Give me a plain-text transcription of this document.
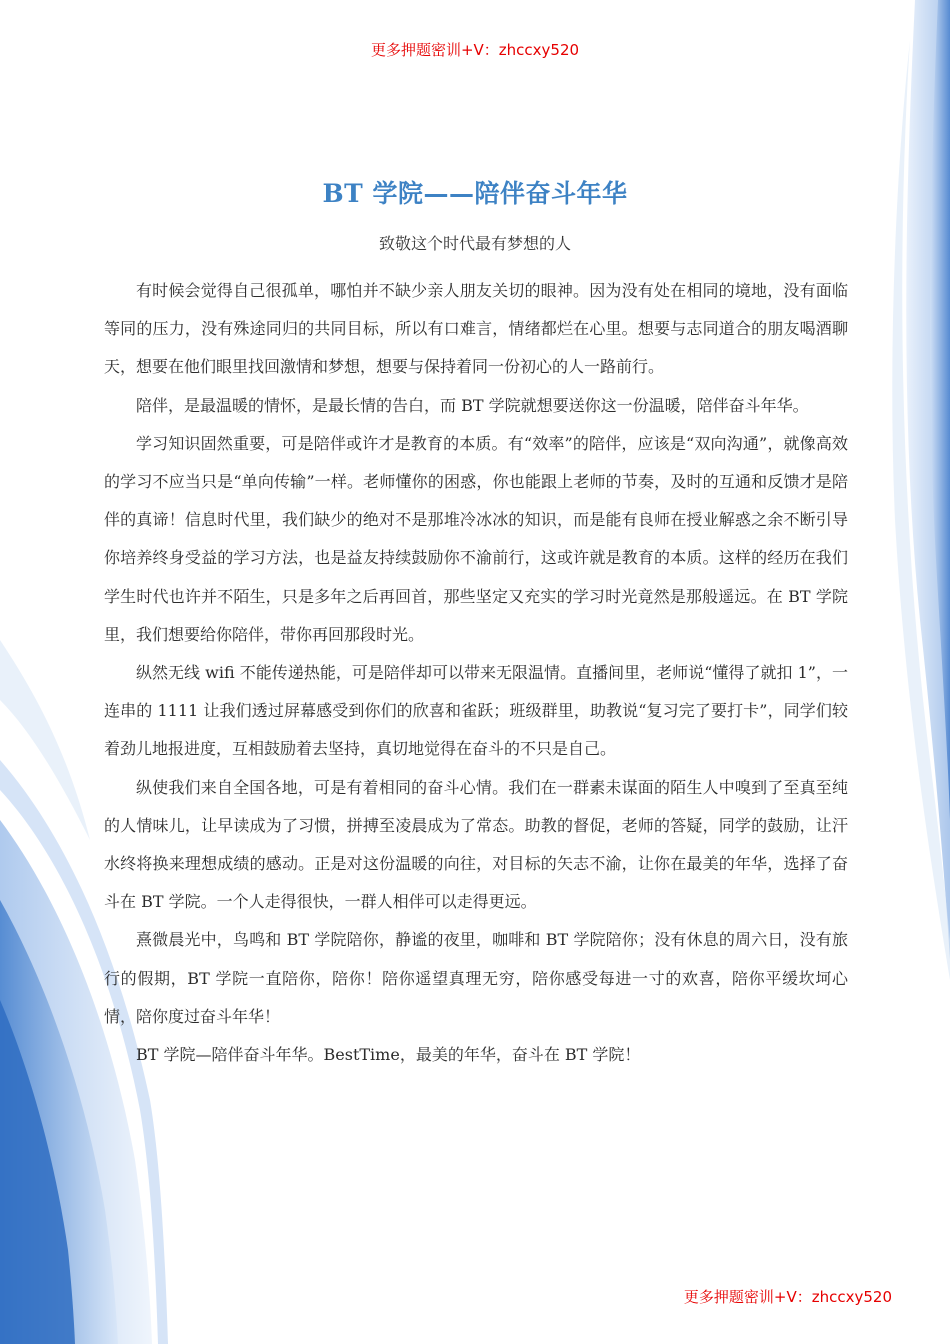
更多押题密训+V：zhccxy520
BT 学院——陪伴奋斗年华
致敬这个时代最有梦想的人

有时候会觉得自己很孤单，哪怕并不缺少亲人朋友关切的眼神。因为没有处在相同的境地，没有面临等同的压力，没有殊途同归的共同目标，所以有口难言，情绪都烂在心里。想要与志同道合的朋友喝酒聊天，想要在他们眼里找回激情和梦想，想要与保持着同一份初心的人一路前行。

陪伴，是最温暖的情怀，是最长情的告白，而 BT 学院就想要送你这一份温暖，陪伴奋斗年华。

学习知识固然重要，可是陪伴或许才是教育的本质。有“效率”的陪伴，应该是“双向沟通”，就像高效的学习不应当只是“单向传输”一样。老师懂你的困惑，你也能跟上老师的节奏，及时的互通和反馈才是陪伴的真谛！信息时代里，我们缺少的绝对不是那堆冷冰冰的知识，而是能有良师在授业解惑之余不断引导你培养终身受益的学习方法，也是益友持续鼓励你不渝前行，这或许就是教育的本质。这样的经历在我们学生时代也许并不陌生，只是多年之后再回首，那些坚定又充实的学习时光竟然是那般遥远。在 BT 学院里，我们想要给你陪伴，带你再回那段时光。

纵然无线 wifi 不能传递热能，可是陪伴却可以带来无限温情。直播间里，老师说“懂得了就扣 1”，一连串的 1111 让我们透过屏幕感受到你们的欣喜和雀跃；班级群里，助教说“复习完了要打卡”，同学们较着劲儿地报进度，互相鼓励着去坚持，真切地觉得在奋斗的不只是自己。

纵使我们来自全国各地，可是有着相同的奋斗心情。我们在一群素未谋面的陌生人中嗅到了至真至纯的人情味儿，让早读成为了习惯，拼搏至凌晨成为了常态。助教的督促，老师的答疑，同学的鼓励，让汗水终将换来理想成绩的感动。正是对这份温暖的向往，对目标的矢志不渝，让你在最美的年华，选择了奋斗在 BT 学院。一个人走得很快，一群人相伴可以走得更远。

熹微晨光中，鸟鸣和 BT 学院陪你，静谧的夜里，咖啡和 BT 学院陪你；没有休息的周六日，没有旅行的假期，BT 学院一直陪你，陪你！陪你遥望真理无穷，陪你感受每进一寸的欢喜，陪你平缓坎坷心情，陪你度过奋斗年华！

BT 学院—陪伴奋斗年华。BestTime，最美的年华，奋斗在 BT 学院！

更多押题密训+V：zhccxy520
